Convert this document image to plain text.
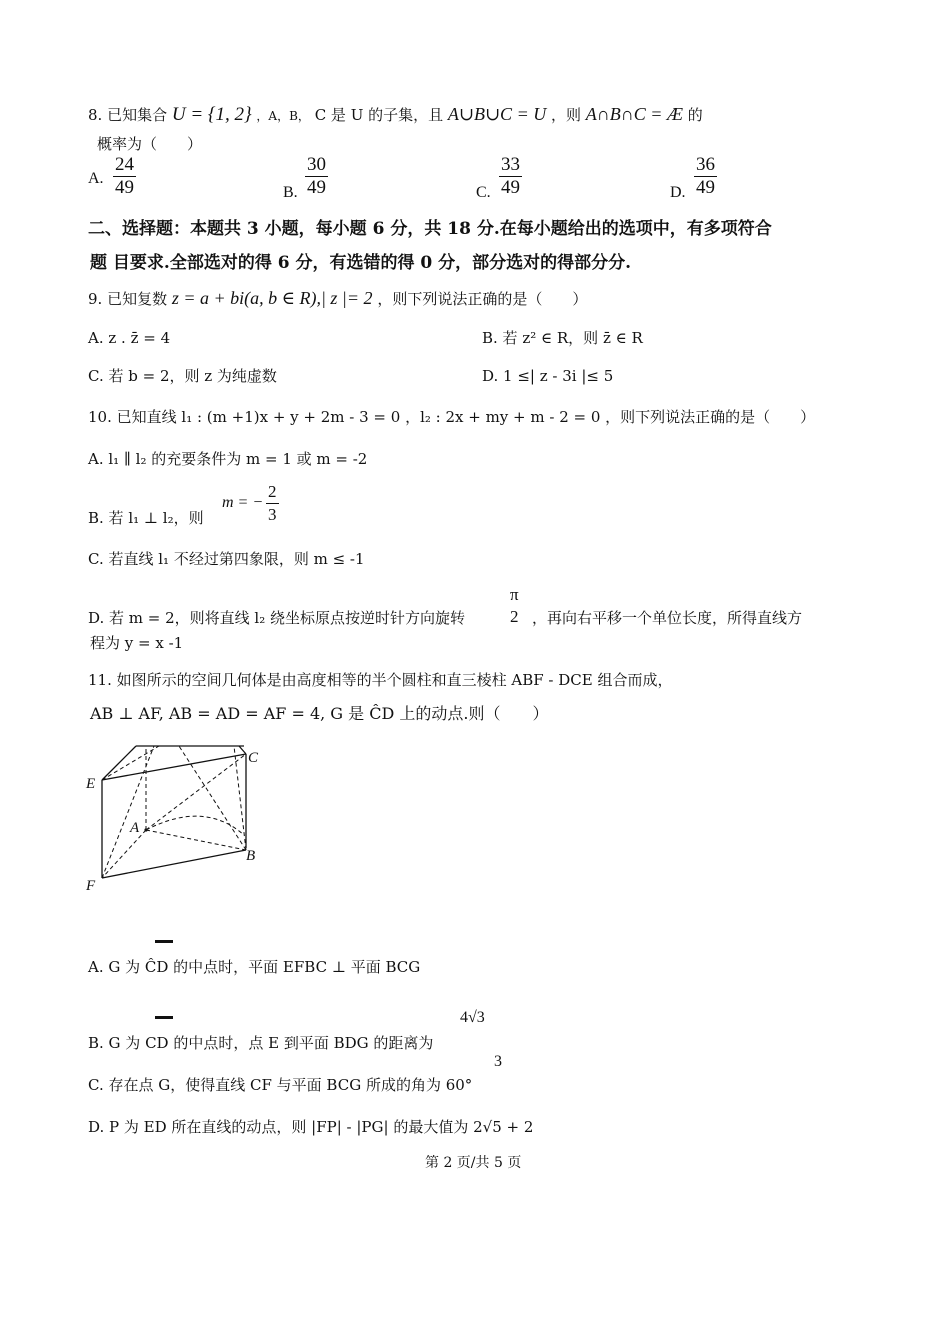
8. 已知集合 U = {1, 2} ，A，B， C 是 U 的子集，且 A∪B∪C = U ，则 A∩B∩C = Æ 的
概率为（　　）
A. $\frac{24}{49}$	B. $\frac{30}{49}$	C. $\frac{33}{49}$	D. $\frac{36}{49}$
二、选择题：本题共 3 小题，每小题 6 分，共 18 分.在每小题给出的选项中，有多项符合
题 目要求.全部选对的得 6 分，有选错的得 0 分，部分选对的得部分分.
9. 已知复数 z = a + bi(a, b ∈ R),| z |= 2 ，则下列说法正确的是（　　）
A. z . z̄ = 4	B. 若 z² ∈ R，则 z̄ ∈ R
C. 若 b = 2，则 z 为纯虚数	D. 1 ≤| z - 3i |≤ 5
10. 已知直线 l₁ : (m +1)x + y + 2m - 3 = 0 ，l₂ : 2x + my + m - 2 = 0 ，则下列说法正确的是（　　）
A. l₁ ∥ l₂ 的充要条件为 m = 1 或 m = -2
B. 若 l₁ ⊥ l₂，则
m = − $\frac{2}{3}$
C. 若直线 l₁ 不经过第四象限，则 m ≤ -1
π
2
D. 若 m = 2，则将直线 l₂ 绕坐标原点按逆时针方向旋转	，再向右平移一个单位长度，所得直线方
程为 y = x -1
11. 如图所示的空间几何体是由高度相等的半个圆柱和直三棱柱 ABF - DCE 组合而成，
AB ⊥ AF, AB = AD = AF = 4, G 是 ĈD 上的动点.则（　　）
E
A
B
C
F
A. G 为 ĈD 的中点时，平面 EFBC ⊥ 平面 BCG
B. G 为 CD 的中点时，点 E 到平面 BDG 的距离为
4√3
3
C. 存在点 G，使得直线 CF 与平面 BCG 所成的角为 60°
D. P 为 ED 所在直线的动点，则 |FP| - |PG| 的最大值为 2√5 + 2
第 2 页/共 5 页
